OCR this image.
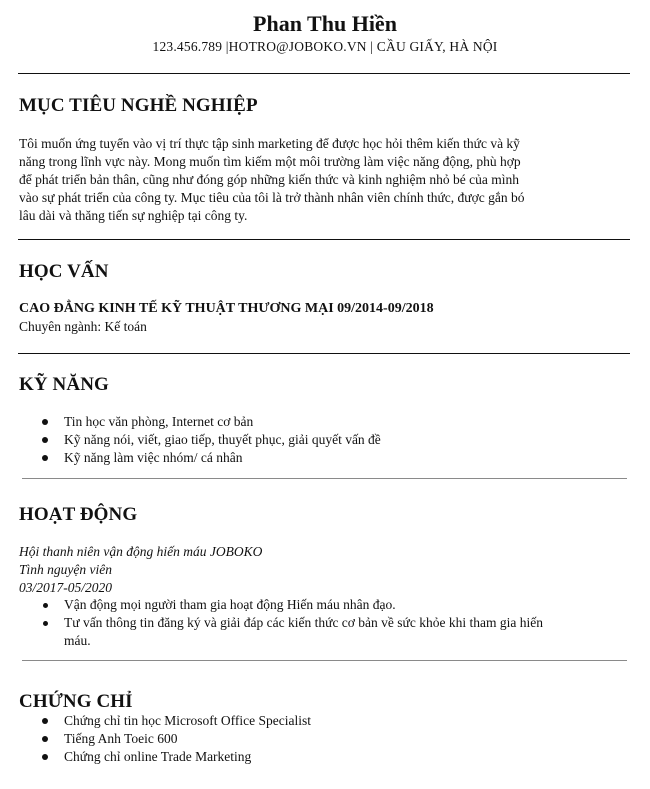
Phan Thu Hiền
123.456.789 |HOTRO@JOBOKO.VN | CẦU GIẤY, HÀ NỘI
MỤC TIÊU NGHỀ NGHIỆP
Tôi muốn ứng tuyển vào vị trí thực tập sinh marketing để được học hỏi thêm kiến thức và kỹ
năng trong lĩnh vực này. Mong muốn tìm kiếm một môi trường làm việc năng động, phù hợp
để phát triển bản thân, cũng như đóng góp những kiến thức và kinh nghiệm nhỏ bé của mình
vào sự phát triển của công ty. Mục tiêu của tôi là trở thành nhân viên chính thức, được gắn bó
lâu dài và thăng tiến sự nghiệp tại công ty.
HỌC VẤN
CAO ĐẲNG KINH TẾ KỸ THUẬT THƯƠNG MẠI 09/2014-09/2018
Chuyên ngành: Kế toán
KỸ NĂNG
Tin học văn phòng, Internet cơ bản
Kỹ năng nói, viết, giao tiếp, thuyết phục, giải quyết vấn đề
Kỹ năng làm việc nhóm/ cá nhân
HOẠT ĐỘNG
Hội thanh niên vận động hiến máu JOBOKO
Tình nguyện viên
03/2017-05/2020
Vận động mọi người tham gia hoạt động Hiến máu nhân đạo.
Tư vấn thông tin đăng ký và giải đáp các kiến thức cơ bản về sức khỏe khi tham gia hiến
máu.
CHỨNG CHỈ
Chứng chỉ tin học Microsoft Office Specialist
Tiếng Anh Toeic 600
Chứng chỉ online Trade Marketing
